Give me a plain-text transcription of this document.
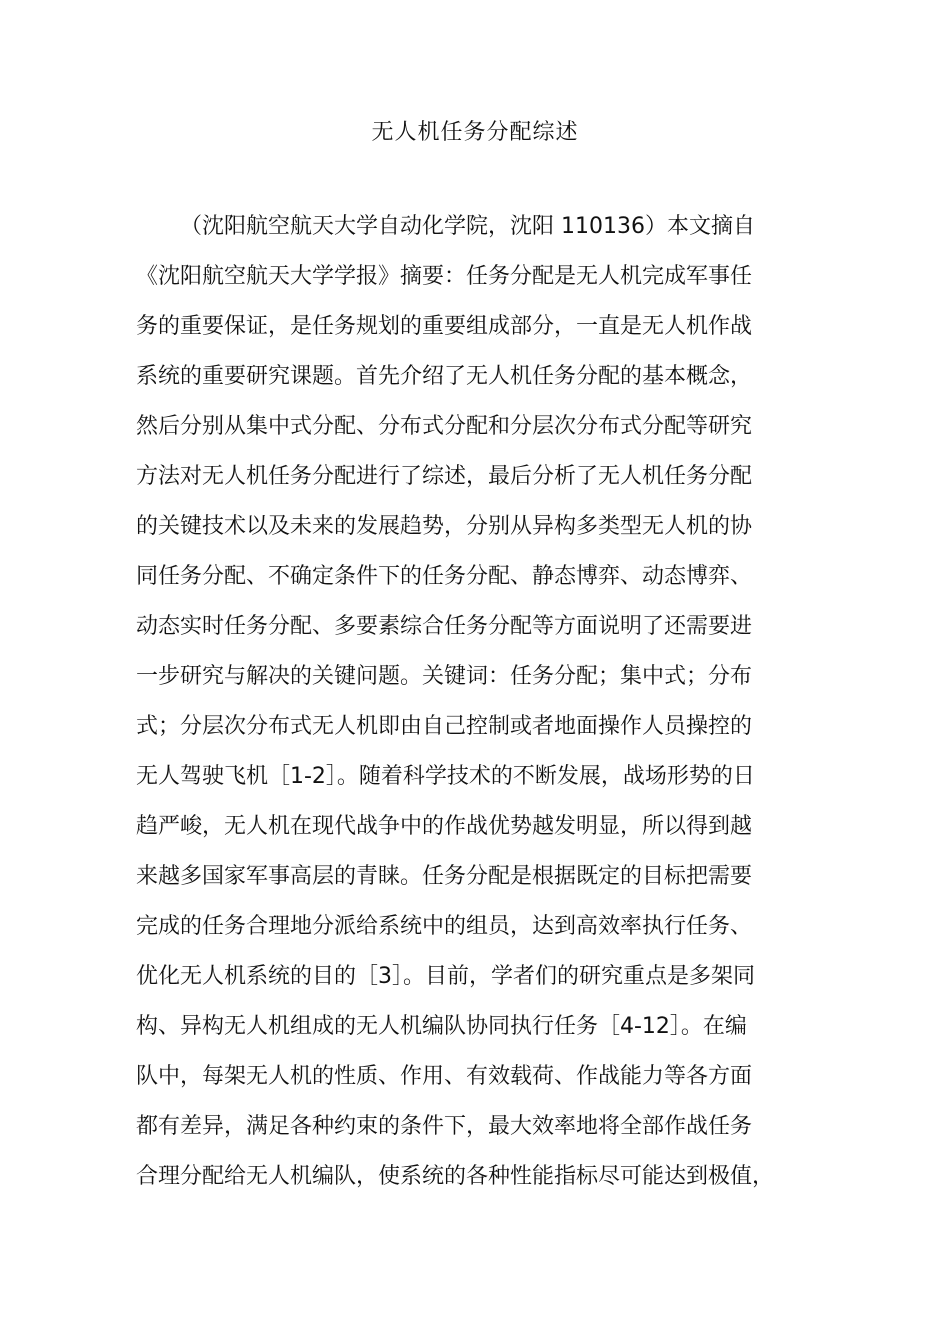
无人机任务分配综述
（沈阳航空航天大学自动化学院，沈阳 110136）本文摘自
《沈阳航空航天大学学报》摘要：任务分配是无人机完成军事任
务的重要保证，是任务规划的重要组成部分，一直是无人机作战
系统的重要研究课题。首先介绍了无人机任务分配的基本概念，
然后分别从集中式分配、分布式分配和分层次分布式分配等研究
方法对无人机任务分配进行了综述，最后分析了无人机任务分配
的关键技术以及未来的发展趋势，分别从异构多类型无人机的协
同任务分配、不确定条件下的任务分配、静态博弈、动态博弈、
动态实时任务分配、多要素综合任务分配等方面说明了还需要进
一步研究与解决的关键问题。关键词：任务分配；集中式；分布
式；分层次分布式无人机即由自己控制或者地面操作人员操控的
无人驾驶飞机［1-2］。随着科学技术的不断发展，战场形势的日
趋严峻，无人机在现代战争中的作战优势越发明显，所以得到越
来越多国家军事高层的青睐。任务分配是根据既定的目标把需要
完成的任务合理地分派给系统中的组员，达到高效率执行任务、
优化无人机系统的目的［3］。目前，学者们的研究重点是多架同
构、异构无人机组成的无人机编队协同执行任务［4-12］。在编
队中，每架无人机的性质、作用、有效载荷、作战能力等各方面
都有差异，满足各种约束的条件下，最大效率地将全部作战任务
合理分配给无人机编队，使系统的各种性能指标尽可能达到极值，
